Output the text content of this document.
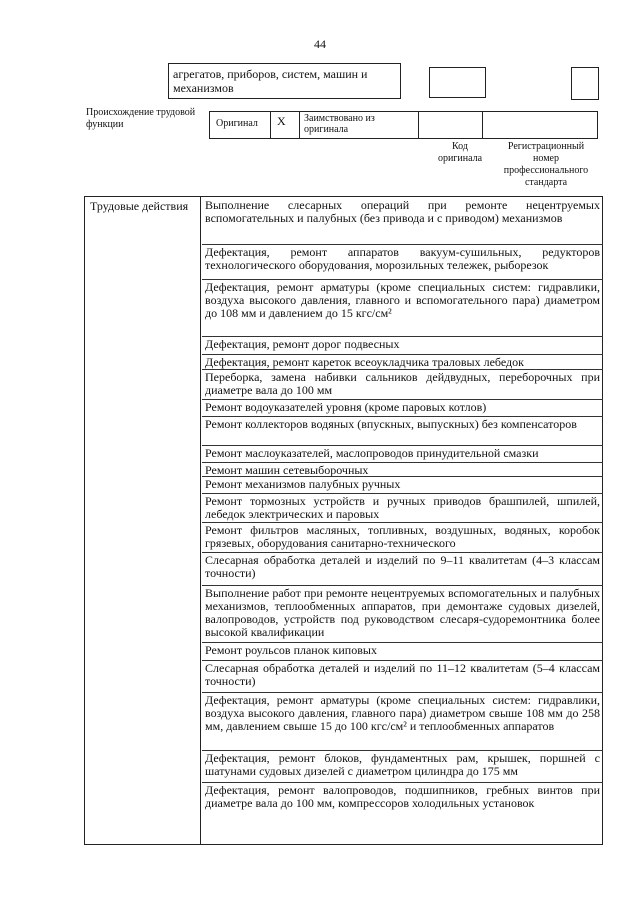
44
агрегатов, приборов, систем, машин и механизмов
Происхождение трудовой функции	Оригинал	X	Заимствовано из оригинала
Код оригинала
Регистрационный номер профессионального стандарта
Трудовые действия Выполнение слесарных операций при ремонте нецентруемых вспомогательных и палубных (без привода и с приводом) механизмов
Дефектация, ремонт аппаратов вакуум-сушильных, редукторов технологического оборудования, морозильных тележек, рыборезок
Дефектация, ремонт арматуры (кроме специальных систем: гидравлики, воздуха высокого давления, главного и вспомогательного пара) диаметром до 108 мм и давлением до 15 кгс/см²
Дефектация, ремонт дорог подвесных
Дефектация, ремонт кареток всеоукладчика траловых лебедок
Переборка, замена набивки сальников дейдвудных, переборочных при диаметре вала до 100 мм
Ремонт водоуказателей уровня (кроме паровых котлов)
Ремонт коллекторов водяных (впускных, выпускных) без компенсаторов
Ремонт маслоуказателей, маслопроводов принудительной смазки
Ремонт машин сетевыборочных
Ремонт механизмов палубных ручных
Ремонт тормозных устройств и ручных приводов брашпилей, шпилей, лебедок электрических и паровых
Ремонт фильтров масляных, топливных, воздушных, водяных, коробок грязевых, оборудования санитарно-технического
Слесарная обработка деталей и изделий по 9–11 квалитетам (4–3 классам точности)
Выполнение работ при ремонте нецентруемых вспомогательных и палубных механизмов, теплообменных аппаратов, при демонтаже судовых дизелей, валопроводов, устройств под руководством слесаря-судоремонтника более высокой квалификации
Ремонт роульсов планок киповых
Слесарная обработка деталей и изделий по 11–12 квалитетам (5–4 классам точности)
Дефектация, ремонт арматуры (кроме специальных систем: гидравлики, воздуха высокого давления, главного пара) диаметром свыше 108 мм до 258 мм, давлением свыше 15 до 100 кгс/см² и теплообменных аппаратов
Дефектация, ремонт блоков, фундаментных рам, крышек, поршней с шатунами судовых дизелей с диаметром цилиндра до 175 мм
Дефектация, ремонт валопроводов, подшипников, гребных винтов при диаметре вала до 100 мм, компрессоров холодильных установок
